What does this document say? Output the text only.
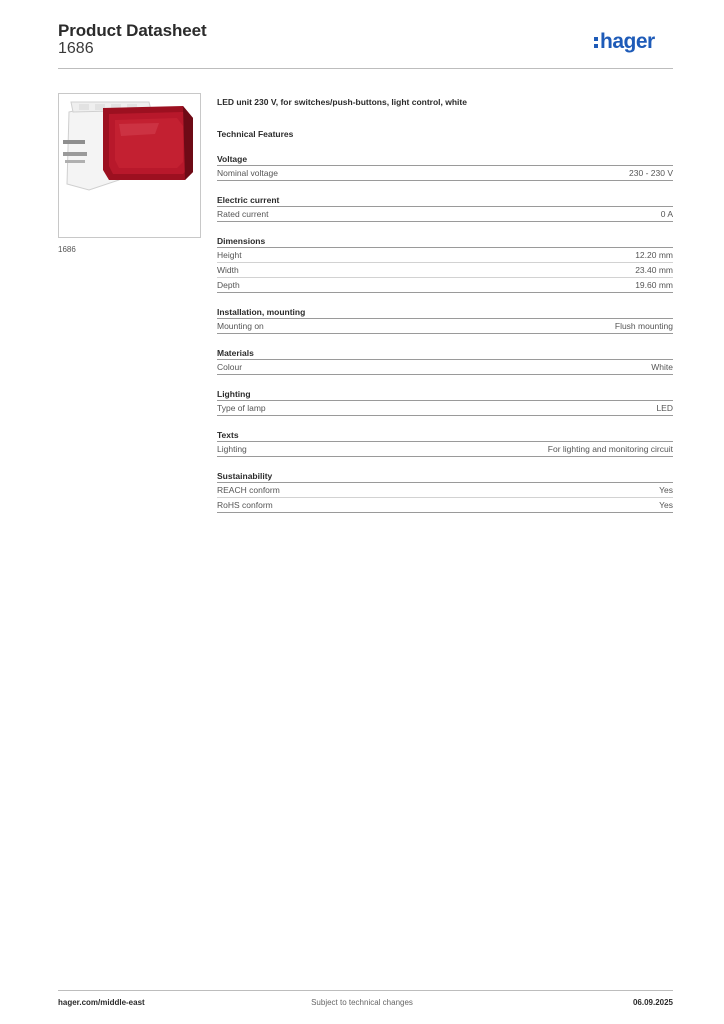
Product Datasheet
1686	hager
1686
LED unit 230 V, for switches/push-buttons, light control, white
Technical Features
Voltage
Nominal voltage	230 - 230 V
Electric current
Rated current	0 A
Dimensions
Height	12.20 mm
Width	23.40 mm
Depth	19.60 mm
Installation, mounting
Mounting on	Flush mounting
Materials
Colour	White
Lighting
Type of lamp	LED
Texts
Lighting	For lighting and monitoring circuit
Sustainability
REACH conform	Yes
RoHS conform	Yes
hager.com/middle-east	Subject to technical changes	06.09.2025
